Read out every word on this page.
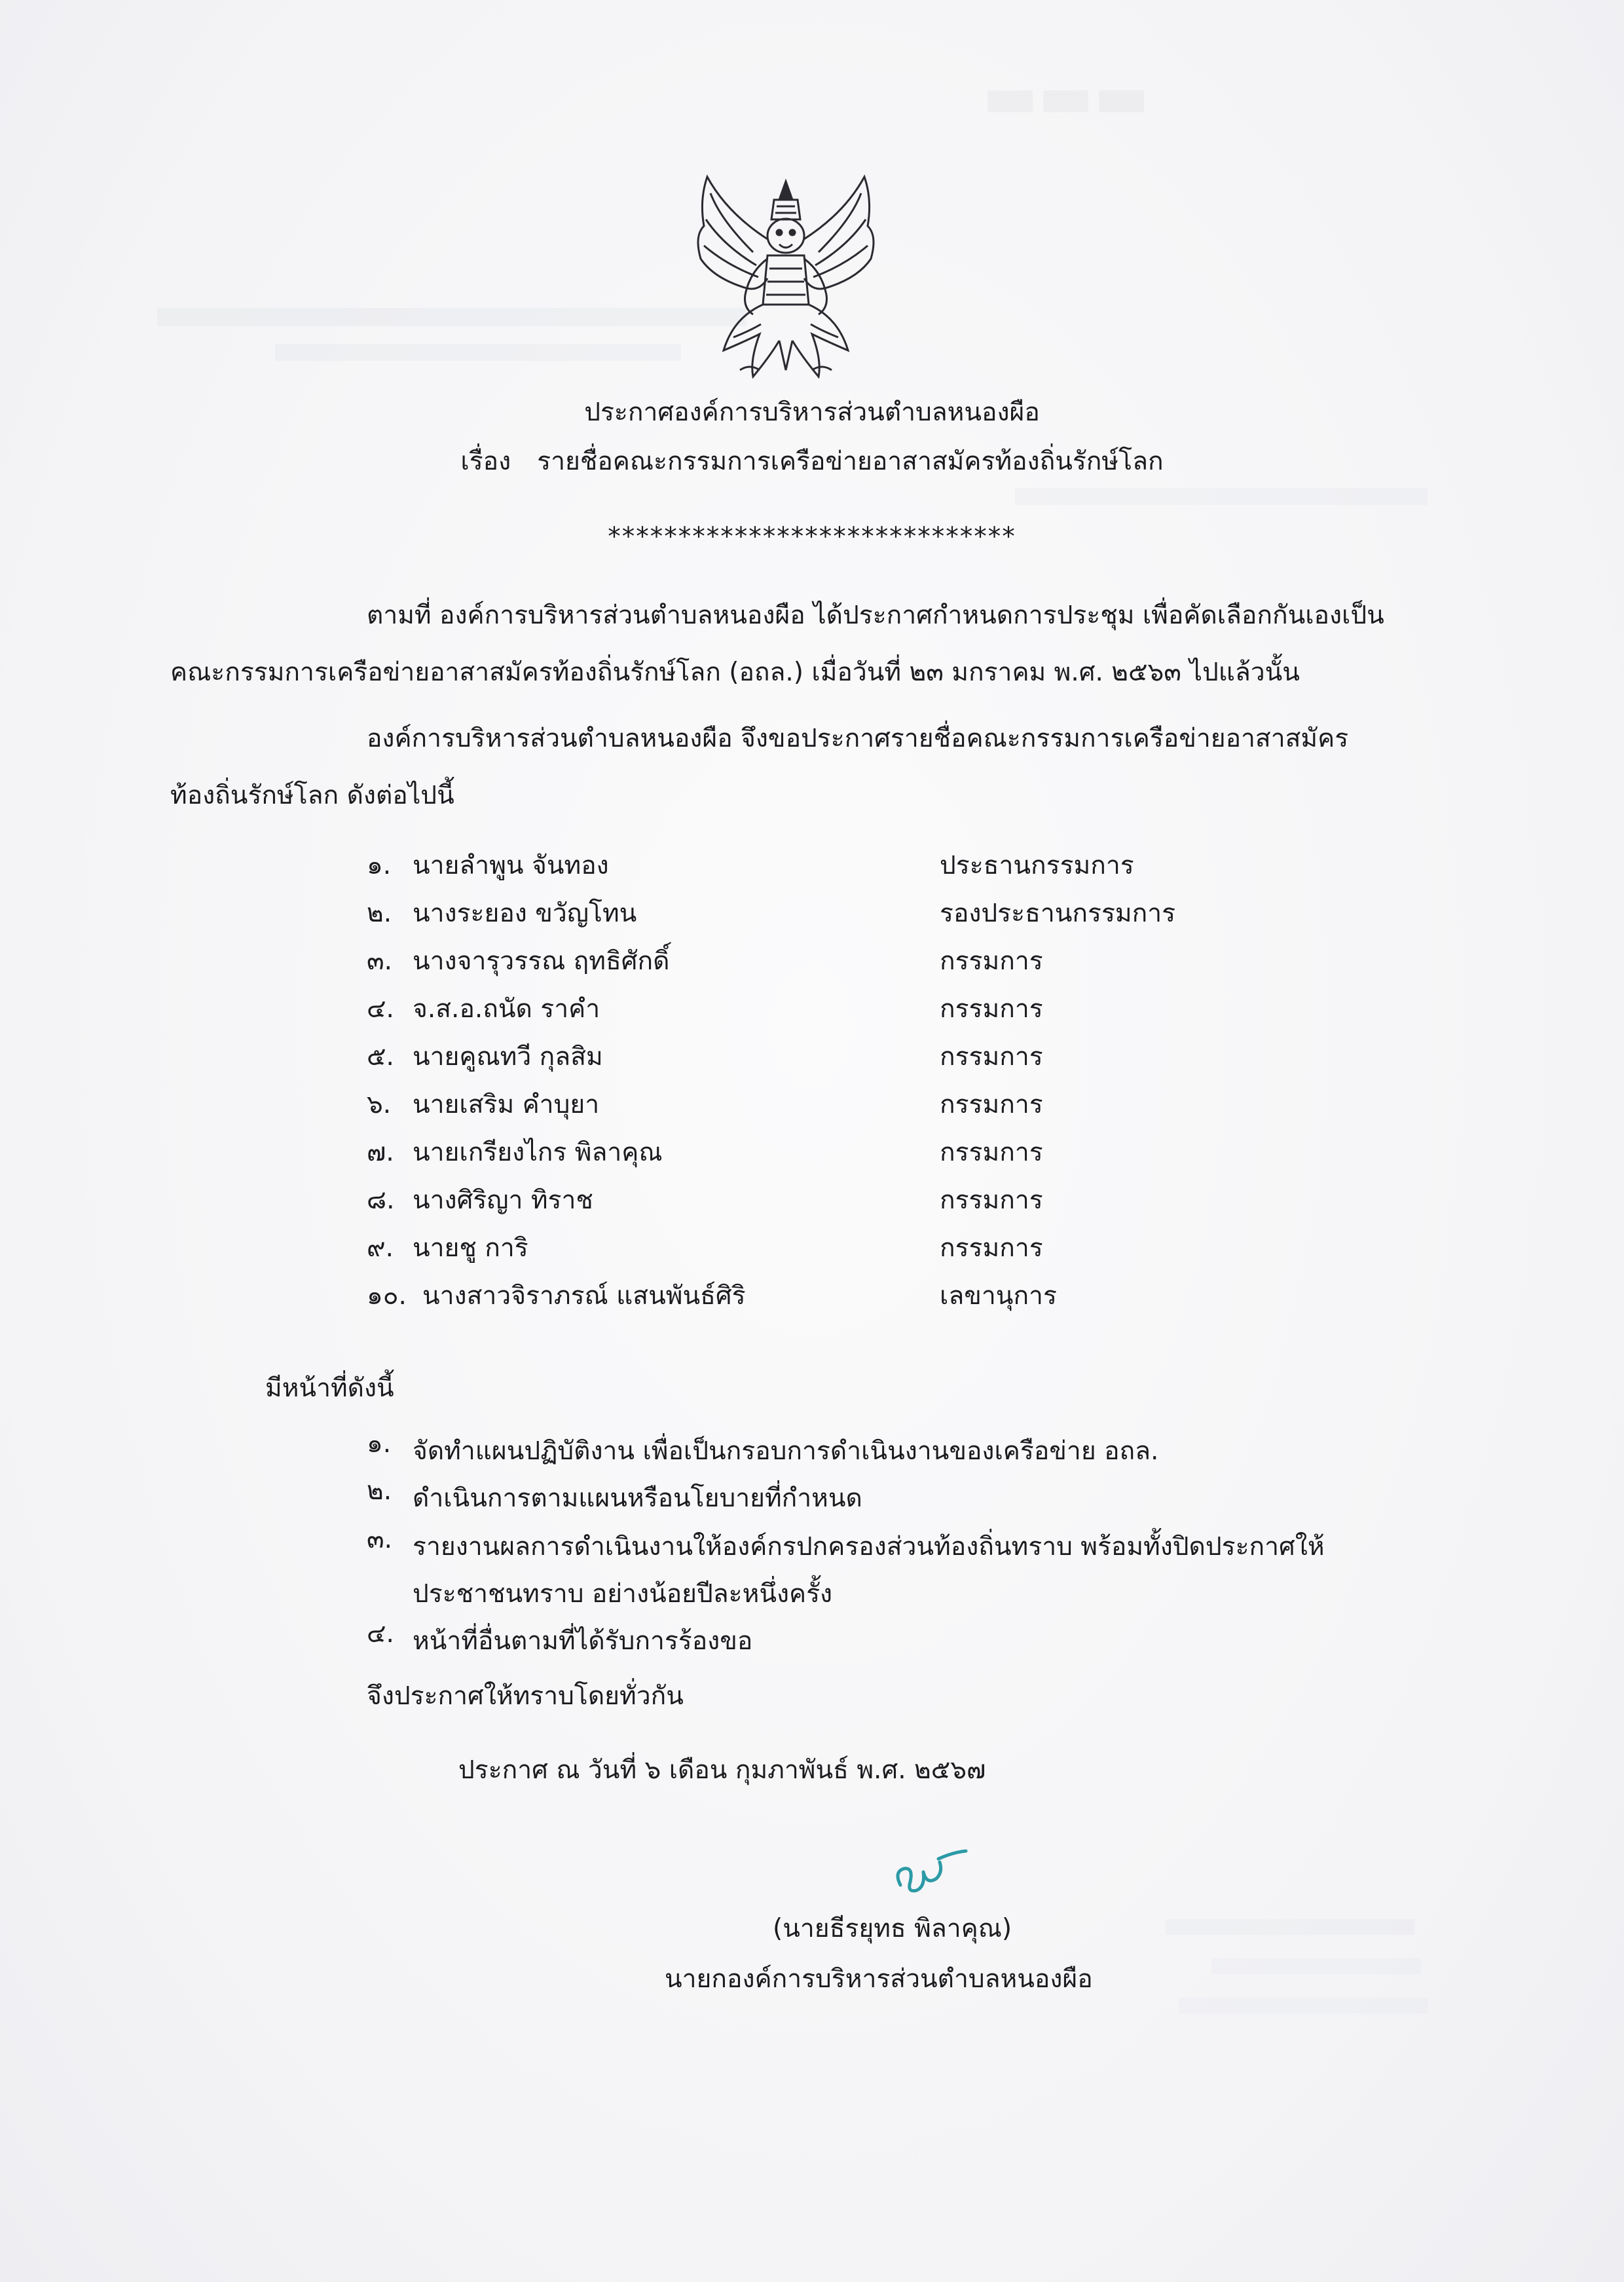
▬▬▬
ประกาศองค์การบริหารส่วนตำบลหนองผือ
เรื่อง รายชื่อคณะกรรมการเครือข่ายอาสาสมัครท้องถิ่นรักษ์โลก
*****************************
ตามที่ องค์การบริหารส่วนตำบลหนองผือ ได้ประกาศกำหนดการประชุม เพื่อคัดเลือกกันเองเป็น
คณะกรรมการเครือข่ายอาสาสมัครท้องถิ่นรักษ์โลก (อถล.) เมื่อวันที่ ๒๓ มกราคม พ.ศ. ๒๕๖๓ ไปแล้วนั้น
องค์การบริหารส่วนตำบลหนองผือ จึงขอประกาศรายชื่อคณะกรรมการเครือข่ายอาสาสมัคร
ท้องถิ่นรักษ์โลก ดังต่อไปนี้
๑. นายลำพูน จันทอง	ประธานกรรมการ
๒. นางระยอง ขวัญโทน	รองประธานกรรมการ
๓. นางจารุวรรณ ฤทธิศักดิ์	กรรมการ
๔. จ.ส.อ.ถนัด ราคำ	กรรมการ
๕. นายคูณทวี กุลสิม	กรรมการ
๖. นายเสริม คำบุยา	กรรมการ
๗. นายเกรียงไกร พิลาคุณ	กรรมการ
๘. นางศิริญา ทิราช	กรรมการ
๙. นายชู การิ	กรรมการ
๑๐. นางสาวจิราภรณ์ แสนพันธ์ศิริ	เลขานุการ
มีหน้าที่ดังนี้
๑. จัดทำแผนปฏิบัติงาน เพื่อเป็นกรอบการดำเนินงานของเครือข่าย อถล.
๒. ดำเนินการตามแผนหรือนโยบายที่กำหนด
๓. รายงานผลการดำเนินงานให้องค์กรปกครองส่วนท้องถิ่นทราบ พร้อมทั้งปิดประกาศให้ประชาชนทราบ อย่างน้อยปีละหนึ่งครั้ง
๔. หน้าที่อื่นตามที่ได้รับการร้องขอ
จึงประกาศให้ทราบโดยทั่วกัน
ประกาศ ณ วันที่ ๖ เดือน กุมภาพันธ์ พ.ศ. ๒๕๖๗
(นายธีรยุทธ พิลาคุณ)
นายกองค์การบริหารส่วนตำบลหนองผือ
